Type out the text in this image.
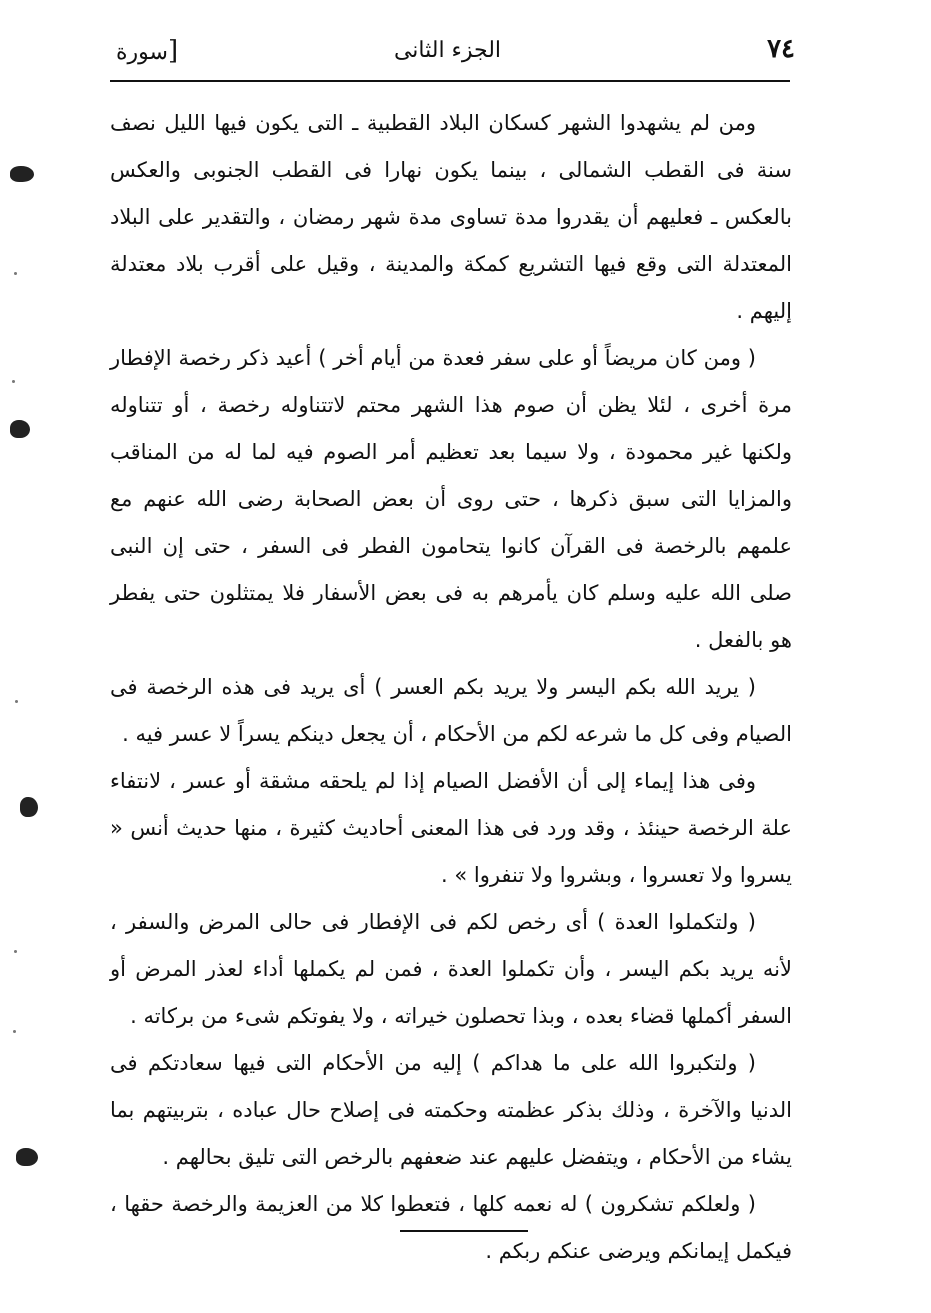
٧٤
الجزء الثانى
[سورة

ومن لم يشهدوا الشهر كسكان البلاد القطبية ـ التى يكون فيها الليل نصف سنة فى القطب الشمالى ، بينما يكون نهارا فى القطب الجنوبى والعكس بالعكس ـ فعليهم أن يقدروا مدة تساوى مدة شهر رمضان ، والتقدير على البلاد المعتدلة التى وقع فيها التشريع كمكة والمدينة ، وقيل على أقرب بلاد معتدلة إليهم .

( ومن كان مريضاً أو على سفر فعدة من أيام أخر ) أعيد ذكر رخصة الإفطار مرة أخرى ، لئلا يظن أن صوم هذا الشهر محتم لاتتناوله رخصة ، أو تتناوله ولكنها غير محمودة ، ولا سيما بعد تعظيم أمر الصوم فيه لما له من المناقب والمزايا التى سبق ذكرها ، حتى روى أن بعض الصحابة رضى الله عنهم مع علمهم بالرخصة فى القرآن كانوا يتحامون الفطر فى السفر ، حتى إن النبى صلى الله عليه وسلم كان يأمرهم به فى بعض الأسفار فلا يمتثلون حتى يفطر هو بالفعل .

( يريد الله بكم اليسر ولا يريد بكم العسر ) أى يريد فى هذه الرخصة فى الصيام وفى كل ما شرعه لكم من الأحكام ، أن يجعل دينكم يسراً لا عسر فيه .

وفى هذا إيماء إلى أن الأفضل الصيام إذا لم يلحقه مشقة أو عسر ، لانتفاء علة الرخصة حينئذ ، وقد ورد فى هذا المعنى أحاديث كثيرة ، منها حديث أنس « يسروا ولا تعسروا ، وبشروا ولا تنفروا » .

( ولتكملوا العدة ) أى رخص لكم فى الإفطار فى حالى المرض والسفر ، لأنه يريد بكم اليسر ، وأن تكملوا العدة ، فمن لم يكملها أداء لعذر المرض أو السفر أكملها قضاء بعده ، وبذا تحصلون خيراته ، ولا يفوتكم شىء من بركاته .

( ولتكبروا الله على ما هداكم ) إليه من الأحكام التى فيها سعادتكم فى الدنيا والآخرة ، وذلك بذكر عظمته وحكمته فى إصلاح حال عباده ، بتربيتهم بما يشاء من الأحكام ، ويتفضل عليهم عند ضعفهم بالرخص التى تليق بحالهم .

( ولعلكم تشكرون ) له نعمه كلها ، فتعطوا كلا من العزيمة والرخصة حقها ، فيكمل إيمانكم ويرضى عنكم ربكم .
